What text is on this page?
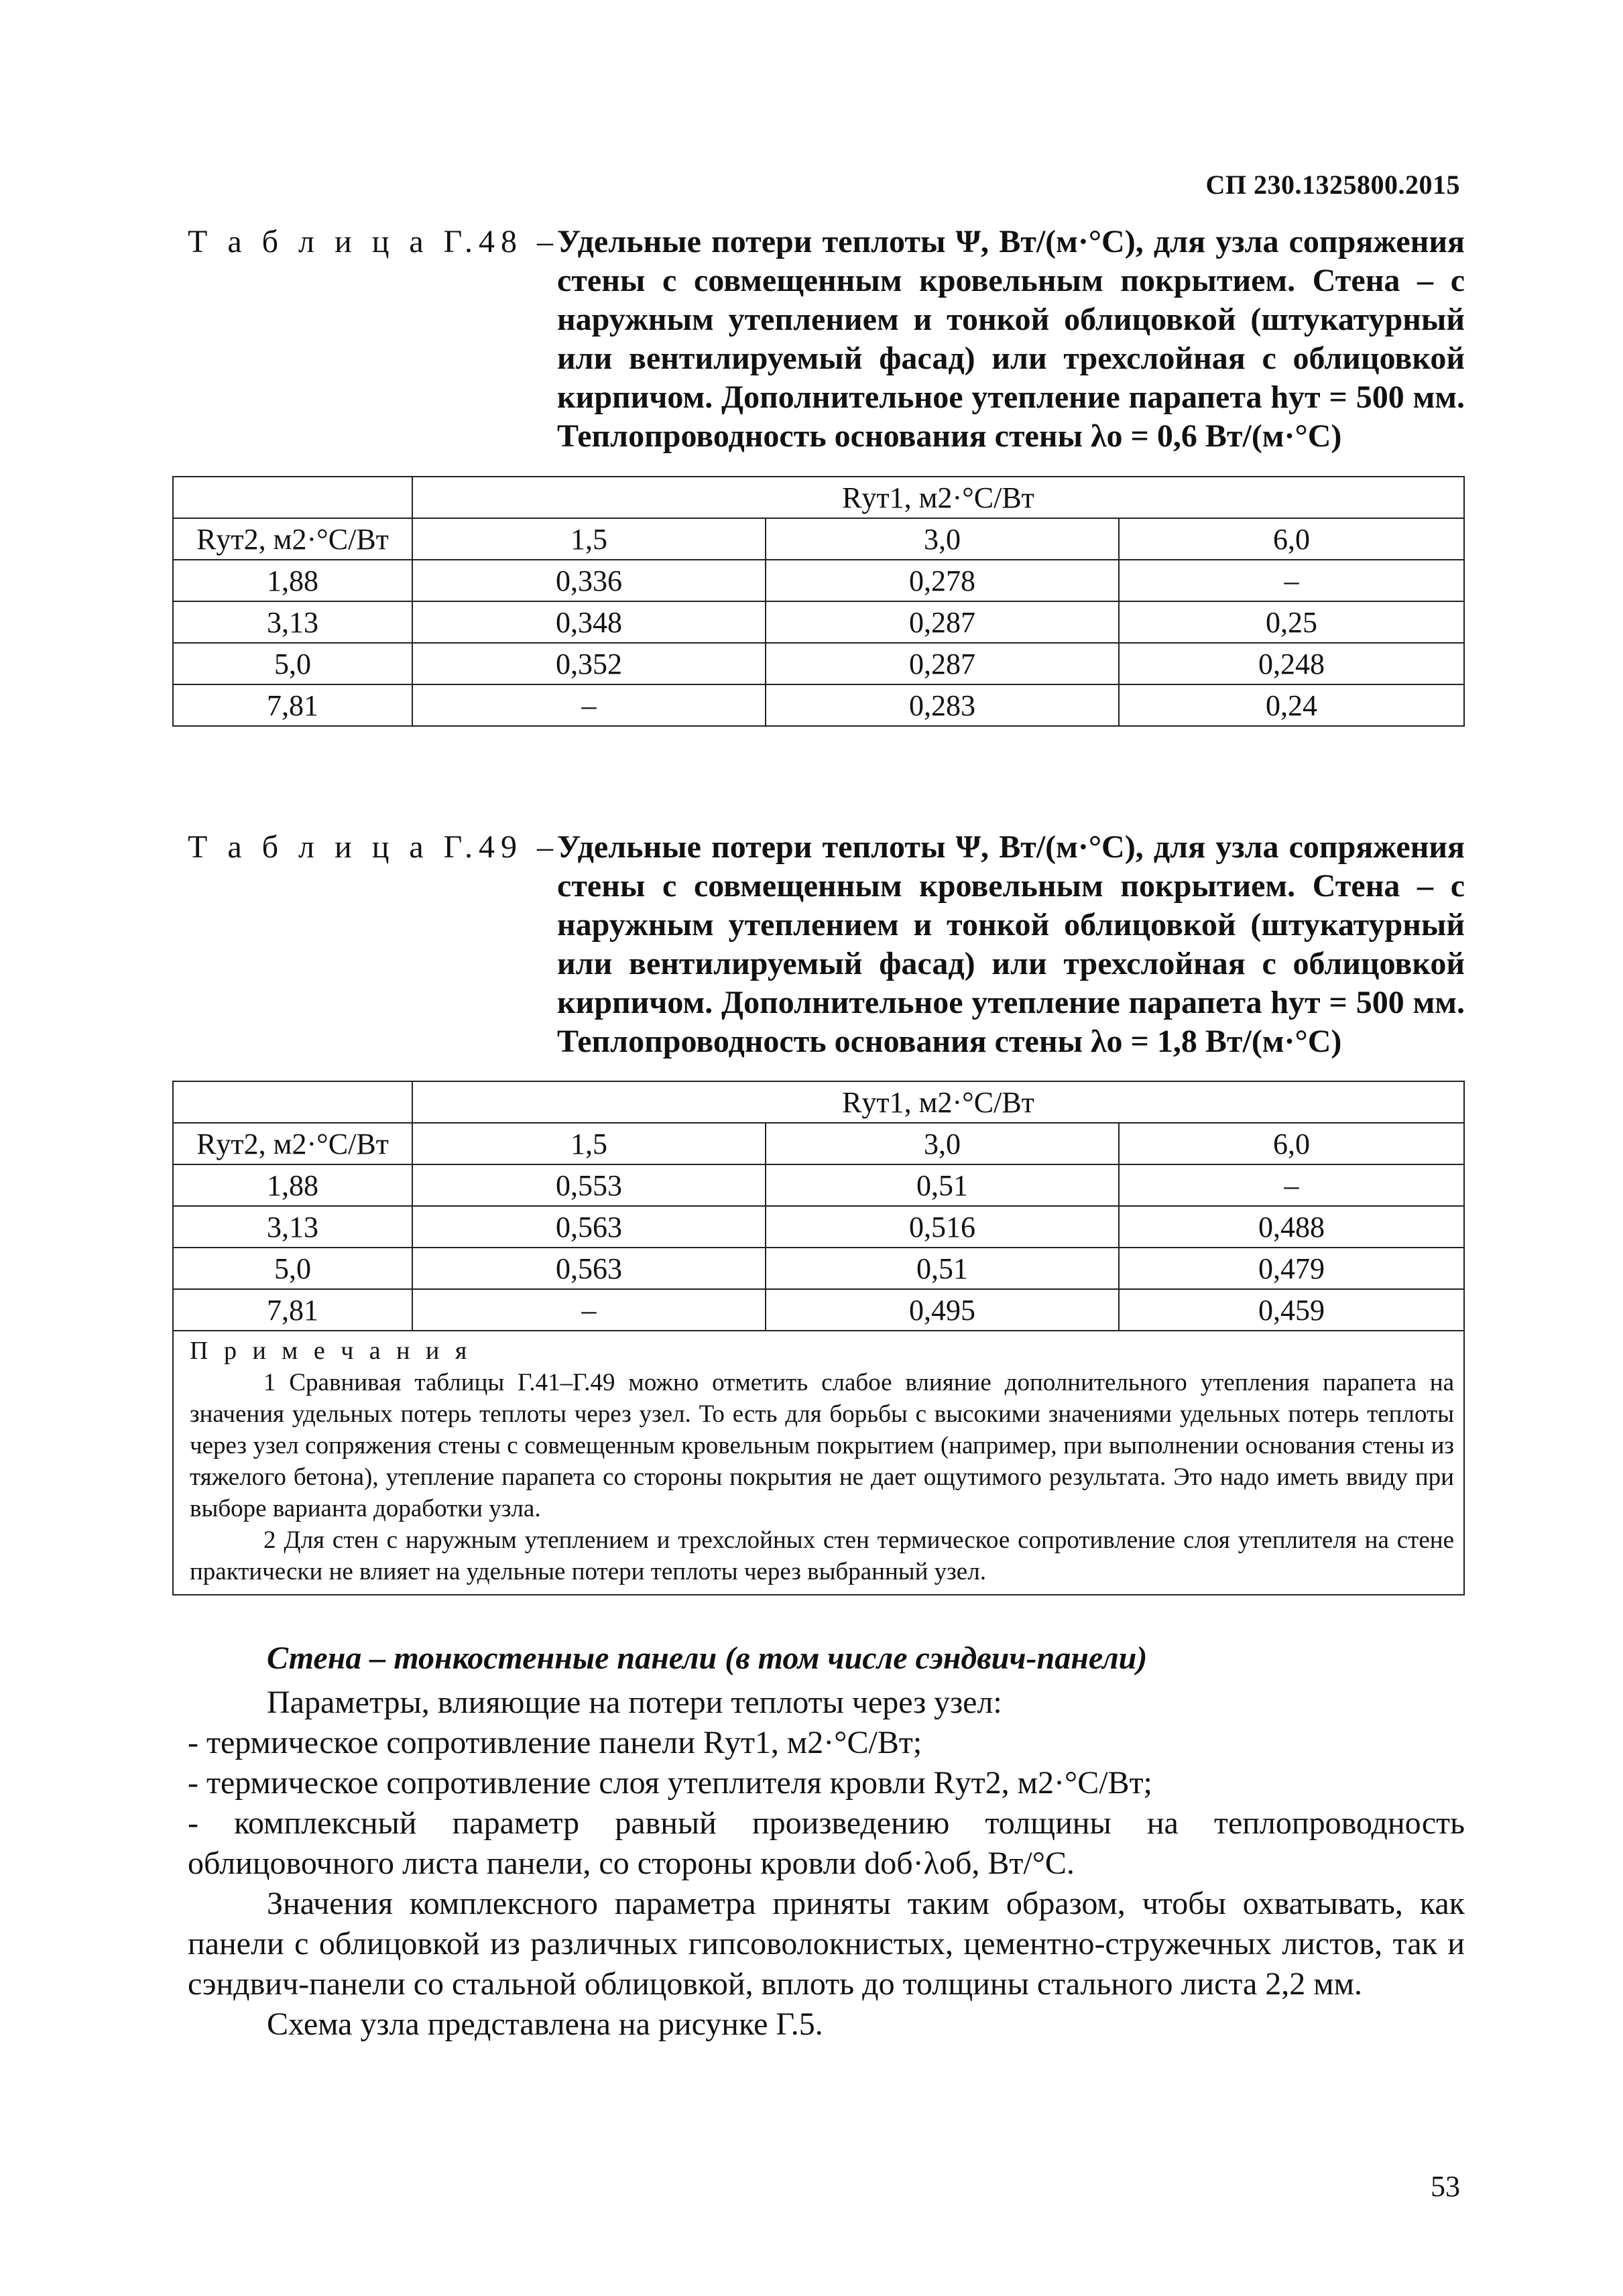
СП 230.1325800.2015
Т а б л и ц а Г.48 – Удельные потери теплоты Ψ, Вт/(м·°С), для узла сопряжения стены с совмещенным кровельным покрытием. Стена – с наружным утеплением и тонкой облицовкой (штукатурный или вентилируемый фасад) или трехслойная с облицовкой кирпичом. Дополнительное утепление парапета hут = 500 мм. Теплопроводность основания стены λo = 0,6 Вт/(м·°С)
	Rут1, м2·°С/Вт		
Rут2, м2·°С/Вт	1,5	3,0	6,0
1,88	0,336	0,278	–
3,13	0,348	0,287	0,25
5,0	0,352	0,287	0,248
7,81	–	0,283	0,24
Т а б л и ц а Г.49 – Удельные потери теплоты Ψ, Вт/(м·°С), для узла сопряжения стены с совмещенным кровельным покрытием. Стена – с наружным утеплением и тонкой облицовкой (штукатурный или вентилируемый фасад) или трехслойная с облицовкой кирпичом. Дополнительное утепление парапета hут = 500 мм. Теплопроводность основания стены λo = 1,8 Вт/(м·°С)
	Rут1, м2·°С/Вт		
Rут2, м2·°С/Вт	1,5	3,0	6,0
1,88	0,553	0,51	–
3,13	0,563	0,516	0,488
5,0	0,563	0,51	0,479
7,81	–	0,495	0,459

П р и м е ч а н и я

1 Сравнивая таблицы Г.41–Г.49 можно отметить слабое влияние дополнительного утепления парапета на значения удельных потерь теплоты через узел. То есть для борьбы с высокими значениями удельных потерь теплоты через узел сопряжения стены с совмещенным кровельным покрытием (например, при выполнении основания стены из тяжелого бетона), утепление парапета со стороны покрытия не дает ощутимого результата. Это надо иметь ввиду при выборе варианта доработки узла.

2 Для стен с наружным утеплением и трехслойных стен термическое сопротивление слоя утеплителя на стене практически не влияет на удельные потери теплоты через выбранный узел.			

Стена – тонкостенные панели (в том числе сэндвич-панели)

Параметры, влияющие на потери теплоты через узел:

- термическое сопротивление панели Rут1, м2·°С/Вт;

- термическое сопротивление слоя утеплителя кровли Rут2, м2·°С/Вт;

- комплексный параметр равный произведению толщины на теплопроводность облицовочного листа панели, со стороны кровли dоб·λоб, Вт/°С.

Значения комплексного параметра приняты таким образом, чтобы охватывать, как панели с облицовкой из различных гипсоволокнистых, цементно-стружечных листов, так и сэндвич-панели со стальной облицовкой, вплоть до толщины стального листа 2,2 мм.

Схема узла представлена на рисунке Г.5.

53
